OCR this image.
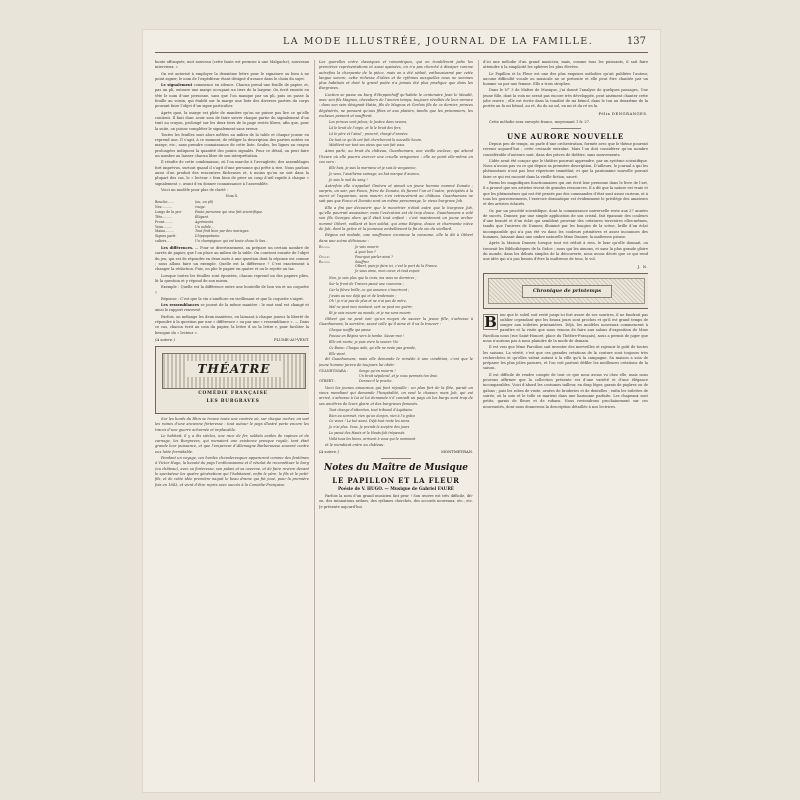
LA MODE ILLUSTRÉE, JOURNAL DE LA FAMILLE.	137

bonte offusquée, mot nouveau (cette faute est permise à une Malgache), nouveaux intervieux. »

On est autorisé à employer la deuxième lettre pour le signature ou bien à ne point signer, le nom de l’expéditeur étant désigné d’avance dans le choix du sujet.

Le signalement commence en silence. Chacun prend une feuille de papier, et, pas un pli, entoure une marge occupant un tiers de la largeur. On écrit ensuite en tête le nom d’une personne, sans que l’on manque par un pli, puis on passe la feuille au voisin, qui établit sur la marge une liste des diverses parties du corps pouvant faire l’objet d’un signe particulier.

Après quoi, la marge est pliée de manière qu’on ne puisse pas lire ce qu’elle contient. Il faut donc avoir soin de faire suivre chaque partie du signalement d’un trait au crayon, prolongé sur les deux tiers de la page restés libres, afin que, pour la suite, on puisse compléter le signalement sans erreur.

Toutes les feuilles sont alors mêlées au milieu de la table et chaque joueur en reprend une. Il s’agit, à ce moment, de rédiger la description des parties notées en marge, etc., sans prendre connaissance de cette liste. Seules, les lignes au crayon prolongées indiquent la quantité des points signalés. Pour ce détail, on peut faire un nombre au laisser chacun libre de son interprétation.

Il résulte de cette combinaison, où l’on marche à l’aveuglette, des assemblages fort imprévus, surtout quand il s’agit d’une personne qui prête à rire. Nous parlons aussi d’un produit des rencontres fâcheuses et, à moins qu’on ne soit dans la plupart des cas, le « lecteur » fera bien de prier ou coup d’œil rapide à chaque « signalement », avant d’en donner connaissance à l’assemblée.

Voici un modèle pour plus de clarté :

Nom X.

Bouche......	(ou, un pli)
Nez..........	rouge.
Longs de la pro-	Faute personne qui vise fait scientifique.
Tête.........	Élégant.
Front........	Agréments.
Yeux.........	Un solide...
Mains........	Tout finit bien par des mariages.
Signes parti-	L’hippopotame.
culiers.....	Un champignon qui est toute chose le bas...

Les différences. — Pour se divertissement, on prépare un certain nombre de carrés de papier, que l’on place au milieu de la table. On convient ensuite de l’objet du jeu, qui est de répondre en deux mots à une question dont la réponse est connue ; nous allons faire un exemple. Quelle est la différence ? C’est exactement à changer la rédaction. Puis, on plie le papier en quatre et on le rejette au tas.

Lorsque toutes les feuilles sont épuisées, chacun reprend un des papiers plies, lit la question et y répond de son mieux.

Exemple : Quelle est la différence entre une bouteille de bon vin et un coquette ?

Réponse : C’est que la vin s’améliore en vieillissant et que la coquette s’aigrit.

Les ressemblances se jouent de la même manière : le mot seul est changé et ainsi le rapport renversé.

Parfois, on mélange les deux manières, en laissant à chaque joueur la liberté de répondre à la question par une « différence » ou par une « ressemblance ». — Dans ce cas, chacun écrit au coin du papier, la lettre d ou la lettre r, pour faciliter la besogne du « lecteur ».

(A suivre.)	PLUME-AU-VENT.
THÉATRE
COMÉDIE FRANÇAISE
LES BURGRAVES

Sur les bords du Rhin se trouve toute une contrée où, sur chaque rocher, on voit les ruines d’une ancienne forteresse : tout autour le pays illustré porte encore les traces d’une guerre acharnée et implacable.

Le habitait, il y a dix siècles, une race de fer, soldats avides de rapines et de carnage, les Burgraves, qui menaient une existence presque royale, tant était grande leur puissance, et que l’empereur d’Allemagne Barberousse souvent contre eux lutte formidable.

Pendant un voyage, ces hordes chevaleresques apparurent comme des fantômes à Victor Hugo, la beauté du pays l’enthousiasma et il résolut de reconstituer le burg (ou château), avec sa forteresse, son palais et sa caverne, et de faire revivre devant le spectateur les quatre générations qui l’habitaient, enfin le père, le fils et le petit-fils, et de cette idée première naquit le beau drame qui fut joué, pour la première fois en 1843, et vient d’être repris avec succès à la Comédie-Française.

Les querelles entre classiques et romantiques, qui en troublèrent jadis les premières représentations et aussi apaisées, on n’a pas cherché à dissiper comme autrefois la charpente de la pièce, mais on a été séduit, enthousiasmé par cette langue sonore, cette richesse d’idées et de rythmes auxquelles nous ne sommes plus habitués et dont le grand poète n’a jamais été plus prodigue que dans les Burgraves.

L’action se passe au burg d’Heppenhoff qu’habite le centenaire Jean le Maudit, avec son fils Magnus, chevaliers de l’ancien temps, toujours révoltés de leur armure : dans son sein désignait Hatto, fils de Magnus et Gorlois fils de ce dernier, princes dégénérés, ne pensant qu’aux fêtes et aux plaisirs, tandis que les prisonniers, les esclaves peinent et souffrent.

Les princes sont jaloux; le Justice dans ravons,

Là le bruit de l’orgie, et là le bruit des fers,

Là le père et l’aïeul ; proscrit, chargé d’années

De tout ce qu’ils ont fuit chercheront la nouvelle heure,

Méditent sur tout ses aïeux que son fait vous.

Ainsi parle, au bruit du château, Guanhumara, une vieille esclave, qui attend l’heure où elle pourra exercer une cruelle vengeance : elle se point elle-même en ces vers :

Elle hais, je suis la marraine et je suis la vengeance,

Je veux, l’anathème surnage, au but marque d’avance,

Je suis le mal du sang !

Autrefois elle s’appelait Ginévra et aimait un jeune homme nommé Donato ; surpris, un soir, par Fosco, frère de Donato, ils furent l’un et l’autre, précipités à la merci et l’aquarium, sans mourir, s’en retrouvèrent au château. Guanhumara ne sait pas que Fosco et Donato sont un même personnage, le vieux burgrave Job.

Elle a fini par découvrir que le meurtrier n’était autre que le burgrave Job, qu’elle pourrait assassiner, mais l’exécution est de trop douce. Guanhumara a volé son fils Georges alors qu’il était tout enfant : c’est maintenant un jeune archer nommé Otbert, vaillant et bon soldat, qui aime Régina, douce et charmante nièce de Job, dont la grâce et la jeunesse embellissent la fin de vie du vieillard.

Régina est malade, une souffrance inconnue la consume, elle la dit à Otbert dans une scène délicieuse :

Régina	Je vais mourir.
A quoi bon ?
Otbert	Pourquoi parler ainsi ?
Régina	Souffrez
Otbert, puis-je faire ici, c’est le port de la France.
Je vous aime, mon cœur, et tout espoir.

Non, je suis plus que la crois, ma vous ne dormirez ;

Sur le front de Travers passé une couronne ;

Car la fièvre brille, ce qui annonce s’inscriront ;

J’avais au nez déjà qui et de lendemain ;

Oh ! je n’ai pas de plus et ne n’ai pas de mère,

Mal ne peut mes montant, sert ne peut me guérir;

Et je vais mourir au monde, et je me sens mourir.

Otbert qui ne peut voir qu’un moyen de sauver la jeune fille, s’adresse à Guanhumara, la sorcière, sauvé celle qu’il aime et il va la trouver :

Chaque souffle qui passe

Pousse en Régina vers la tombe. Sauve-moi !

Elle est morte, je puis vivre la sauver. Vie

Ce Barac. Chaque aide, qu’elle ne reste pas grande,

Elle vient.

dit Guanhumara, mais elle demande le remède à une condition, c’est que le jeune homme jurera de toujours lui obéir.

GUANHUMARA :	Songe qu’on mourra !
Un bruit sépulcral, et je vous permets ton âme.
OTBERT :	Donnez-d le proche.

Voici les jeunes amoureux qui font réjouille : un plan fort de la fête, parait un vieux mendiant qui demande l’hospitalité, on veut le chasser, mais Job, qui est arrivé, s’adresse à lui et lui demande s’il connaît un pays où les burgs sont trop de ses ancêtres de leurs gloire et des burgraves famosés.

Tout change d’attention, tout tribunal d’Aquitaine

Rien au sommet, rien qu’un donjon, rien à l’a grâce

Ce vieux ! Le tué aussi. Déjà tout reste les siens.

Je n’ai plus. Vous. Je prends le sceptre des jours

Le passé des Hauts et le Hauts-Job trépassés.

Voilà tous les biens, arrivent à vous qui le nomment

et le mendiant entre au château.

(A suivre.)	MONTMEYRAN.
Notes du Maître de Musique
LE PAPILLON ET LA FLEUR
Poésie de V. HUGO. — Musique de Gabriel FAURÉ

Parfois la nom d’un grand musicien fait peur ! Son œuvre est très difficile, dit-on, des intonations ardues, des rythmes cherchés, des accords nouveaux, etc., etc. Je présente aujourd’hui

d’ici une mélodie d’un grand musicien, mais, comme tous les puissants, il sait faire atteindre à la simplicité les sphères les plus élevées.

Le Papillon et la Fleur est une des plus exquises mélodies qu’ait publiées l’auteur, aucune difficulté vocale ou musicale ne se présente et elle peut être chantée par un homme ou par une femme. Elle a trois strophes.

Dans le N° 3 de Maître de Musique, j’ai donné l’analyse de quelques passages. Une jeune fille, dont la voix ne serait pas encore très développée, peut aisément chanter cette jolie œuvre ; elle est écrite dans la tonalité de mi bémol, dans le ton au deuxième de la portée au fa mi bémol, au ré, du do au sol, en mi et du ré en la.

Félix DENGRANGES.

Cette mélodie sera envoyée franco, moyennant 1 fr. 27.

UNE AURORE NOUVELLE

Depuis peu de temps, on parle d’une orchestration, formée avec que le thème pourrait revenir aujourd’hui ; cette croisade entraîne. Mais l’on doit considérer qu’un nombre considérable d’auteurs sont, dans des pièces de théâtre, sans mouvements.

L’idée avait été conçue que le théâtre pourrait apprendre, par un système scientifique. Nous n’avons pas vu ce qui depuis sa première description. D’ailleurs, le journal a qui les phénomènes n’ont pas leur répertoire immédiat, et que la pantomime nouvelle pouvait faire ce qui est raconté dans la vieille fiction, sauvé.

Parmi les magnifiques fonctionnaires qui ont écrit leur personne dans le livre de l’art, il a prouvé que ses artistes vivent de grandes ressources. Il a dit que la nature est vraie et que les phénomènes qui ont été pensés par des commandes d’état sont assez curieux, et à tous les gouvernements, l’exercice dramatique est évidemment le privilège des amateurs et des artistes éclairés.

Or, par un procédé scientifique, dont la connaissance universelle reste aux 27 années de succès, Dunner, par une simple application de son cristal, fait épanouir des couleurs d’une beauté et d’un éclat qui semblent provenir des créatures terrestres elles-mêmes, tandis que l’univers de Dunner, illuminé par les bougies de la scène, brille d’un éclat incomparable qui n’a pas été vu dans les couleurs primitives et assez inconnues des hommes, laissant dans une ombre naturelle Mme Dunner, la maîtresse pieuse.

Après la Maison Dunner, lorsque tout est réduit à rien, le luxe qu’elle donnait, on trouvait les Bibliothèques de la Grâce ; nous qui les aimons, et sans la plus grande gloire du monde, dans les débuts simples de la découverte, nous avons décrit que ce qui rend une idée qui n’a pas besoin d’être la maîtresse de tous, le vol.

J. N.
Chronique de printemps

B ien que le soleil soit resté jusqu’ici fort avare de ses sourires, il ne faudrait pas oublier cependant que les beaux jours sont proches et qu’il est grand temps de songer aux toilettes printanières. Déjà, les modèles nouveaux commencent à paraître et la visite que nous venons de faire aux salons d’exposition de Mme Farcilion nous (rue Saint-Honoré, place du Théâtre-Français), nous a permis de juger que nous n’aurions pas à nous plaindre de la mode de demain.

Il est vrai que Mme Farcilion sait inventer des merveilles et rajeunir le goût de toutes les saisons. La vérité, c’est que ces grandes créations de la couture sont toujours très recherchées et qu’elles valent autant à la ville qu’à la campagne. Sa maison a soin de préparer les plus jolies parures, et l’on voit partout défiler les meilleures créations de la saison.

Il est difficile de rendre compte de tout ce que nous avons vu chez elle, mais nous pouvons affirmer que la collection présente est d’une variété et d’une élégance incomparables. Voici d’abord les costumes tailleur, en drap léger, garnis de piqûres ou de galons ; puis les robes de visite, ornées de broderies et de dentelles ; enfin les toilettes de soirée, où la soie et le tulle se marient dans une harmonie parfaite. Les chapeaux sont petits, garnis de fleurs et de rubans. Nous reviendrons prochainement sur ces nouveautés, dont nous donnerons la description détaillée à nos lectrices.
